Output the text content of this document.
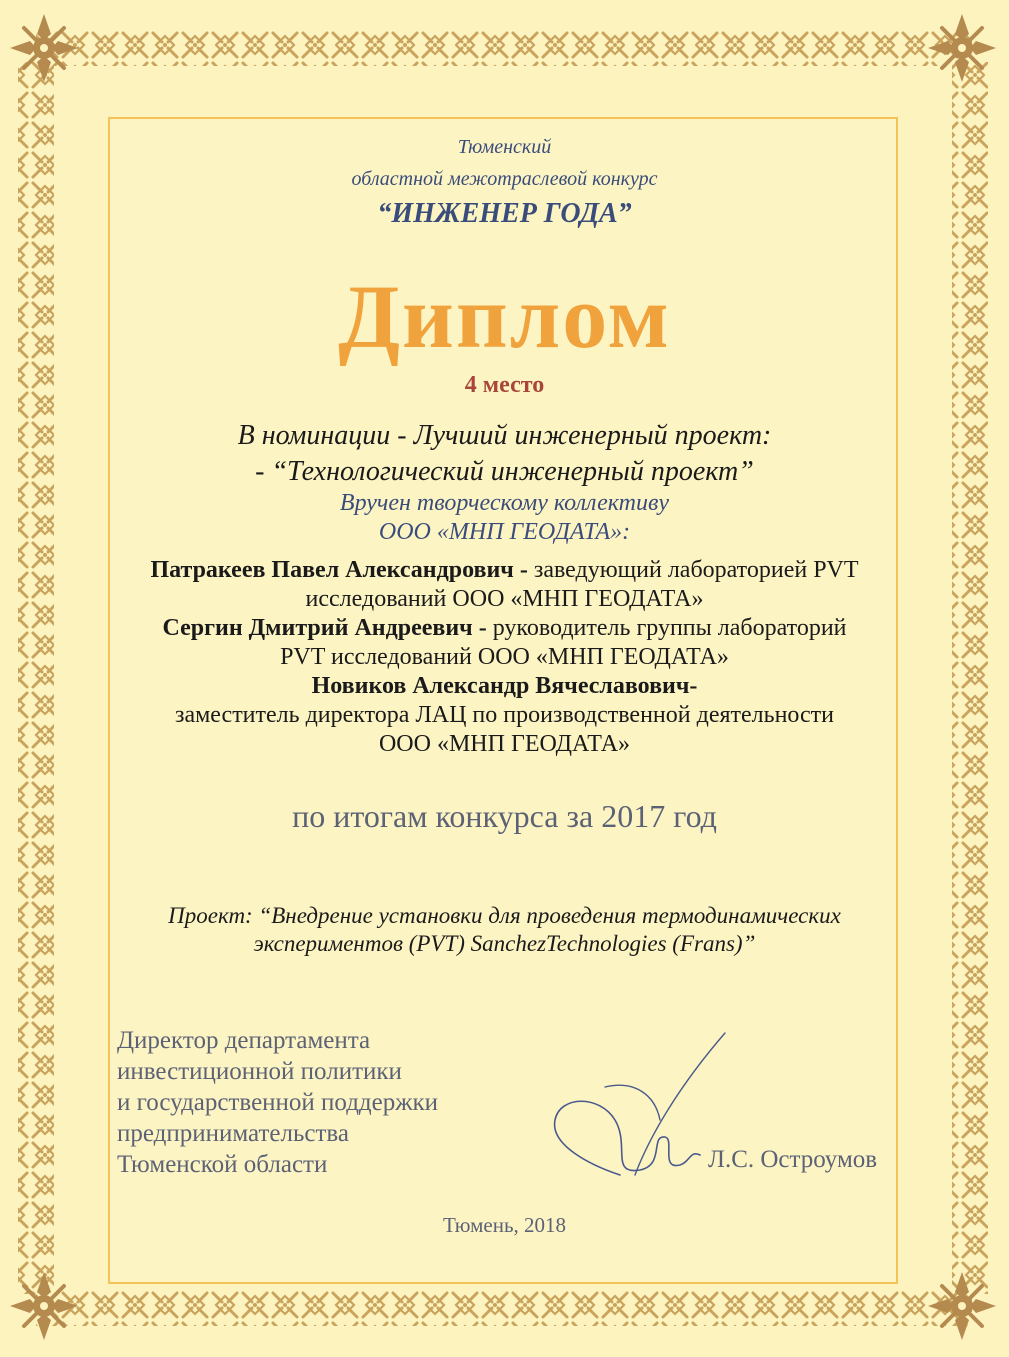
Тюменский
областной межотраслевой конкурс
“ИНЖЕНЕР ГОДА”
Диплом
4 место
В номинации - Лучший инженерный проект:
- “Технологический инженерный проект”
Вручен творческому коллективу
ООО «МНП ГЕОДАТА»:
Патракеев Павел Александрович - заведующий лабораторией PVT
исследований ООО «МНП ГЕОДАТА»
Сергин Дмитрий Андреевич - руководитель группы лабораторий
PVT исследований ООО «МНП ГЕОДАТА»
Новиков Александр Вячеславович-
заместитель директора ЛАЦ по производственной деятельности
ООО «МНП ГЕОДАТА»
по итогам конкурса за 2017 год
Проект: “Внедрение установки для проведения термодинамических
экспериментов (PVT) SanchezTechnologies (Frans)”
Директор департамента
инвестиционной политики
и государственной поддержки
предпринимательства
Тюменской области	Л.С. Остроумов
Тюмень, 2018
